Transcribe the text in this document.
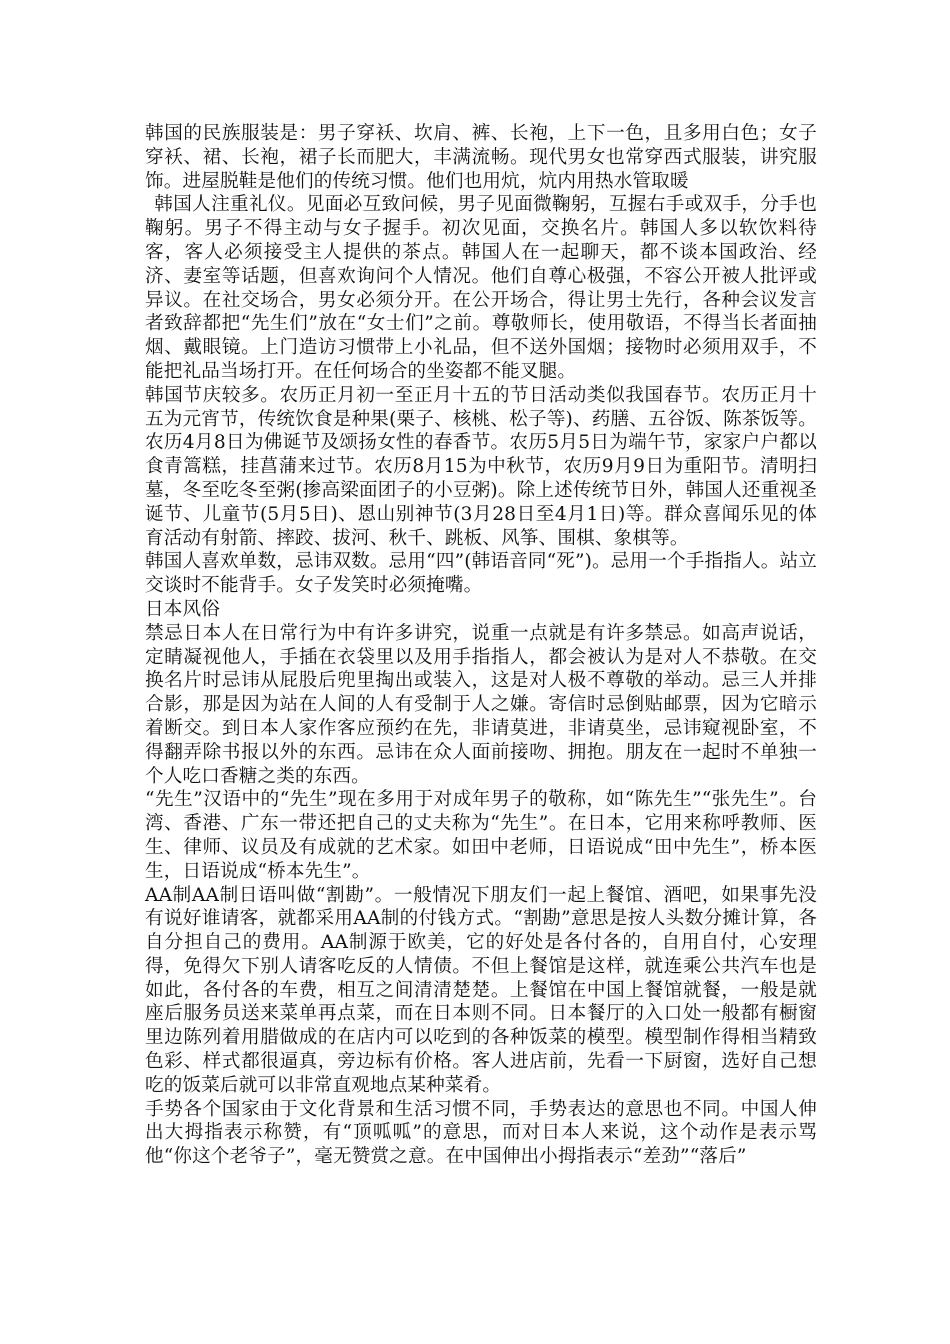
韩国的民族服装是：男子穿袄、坎肩、裤、长袍，上下一色，且多用白色；女子穿袄、裙、长袍，裙子长而肥大，丰满流畅。现代男女也常穿西式服装，讲究服饰。进屋脱鞋是他们的传统习惯。他们也用炕，炕内用热水管取暖

韩国人注重礼仪。见面必互致问候，男子见面微鞠躬，互握右手或双手，分手也鞠躬。男子不得主动与女子握手。初次见面，交换名片。韩国人多以软饮料待客，客人必须接受主人提供的茶点。韩国人在一起聊天，都不谈本国政治、经济、妻室等话题，但喜欢询问个人情况。他们自尊心极强，不容公开被人批评或异议。在社交场合，男女必须分开。在公开场合，得让男士先行，各种会议发言者致辞都把“先生们”放在“女士们”之前。尊敬师长，使用敬语，不得当长者面抽烟、戴眼镜。上门造访习惯带上小礼品，但不送外国烟；接物时必须用双手，不能把礼品当场打开。在任何场合的坐姿都不能叉腿。

韩国节庆较多。农历正月初一至正月十五的节日活动类似我国春节。农历正月十五为元宵节，传统饮食是种果(栗子、核桃、松子等)、药膳、五谷饭、陈茶饭等。农历4月8日为佛诞节及颂扬女性的春香节。农历5月5日为端午节，家家户户都以食青篙糕，挂菖蒲来过节。农历8月15为中秋节，农历9月9日为重阳节。清明扫墓，冬至吃冬至粥(掺高梁面团子的小豆粥)。除上述传统节日外，韩国人还重视圣诞节、儿童节(5月5日)、恩山别神节(3月28日至4月1日)等。群众喜闻乐见的体育活动有射箭、摔跤、拔河、秋千、跳板、风筝、围棋、象棋等。

韩国人喜欢单数，忌讳双数。忌用“四”(韩语音同“死”)。忌用一个手指指人。站立交谈时不能背手。女子发笑时必须掩嘴。

日本风俗

禁忌日本人在日常行为中有许多讲究，说重一点就是有许多禁忌。如高声说话，定睛凝视他人，手插在衣袋里以及用手指指人，都会被认为是对人不恭敬。在交换名片时忌讳从屁股后兜里掏出或装入，这是对人极不尊敬的举动。忌三人并排合影，那是因为站在人间的人有受制于人之嫌。寄信时忌倒贴邮票，因为它暗示着断交。到日本人家作客应预约在先，非请莫进，非请莫坐，忌讳窥视卧室，不得翻弄除书报以外的东西。忌讳在众人面前接吻、拥抱。朋友在一起时不单独一个人吃口香糖之类的东西。

“先生”汉语中的“先生”现在多用于对成年男子的敬称，如“陈先生”“张先生”。台湾、香港、广东一带还把自己的丈夫称为“先生”。在日本，它用来称呼教师、医生、律师、议员及有成就的艺术家。如田中老师，日语说成“田中先生”，桥本医生，日语说成“桥本先生”。

AA制AA制日语叫做“割勘”。一般情况下朋友们一起上餐馆、酒吧，如果事先没有说好谁请客，就都采用AA制的付钱方式。“割勘”意思是按人头数分摊计算，各自分担自己的费用。AA制源于欧美，它的好处是各付各的，自用自付，心安理得，免得欠下别人请客吃反的人情债。不但上餐馆是这样，就连乘公共汽车也是如此，各付各的车费，相互之间清清楚楚。上餐馆在中国上餐馆就餐，一般是就座后服务员送来菜单再点菜，而在日本则不同。日本餐厅的入口处一般都有橱窗里边陈列着用腊做成的在店内可以吃到的各种饭菜的模型。模型制作得相当精致色彩、样式都很逼真，旁边标有价格。客人进店前，先看一下厨窗，选好自己想吃的饭菜后就可以非常直观地点某种菜肴。

手势各个国家由于文化背景和生活习惯不同，手势表达的意思也不同。中国人伸出大拇指表示称赞，有“顶呱呱”的意思，而对日本人来说，这个动作是表示骂他“你这个老爷子”，毫无赞赏之意。在中国伸出小拇指表示“差劲”“落后”
